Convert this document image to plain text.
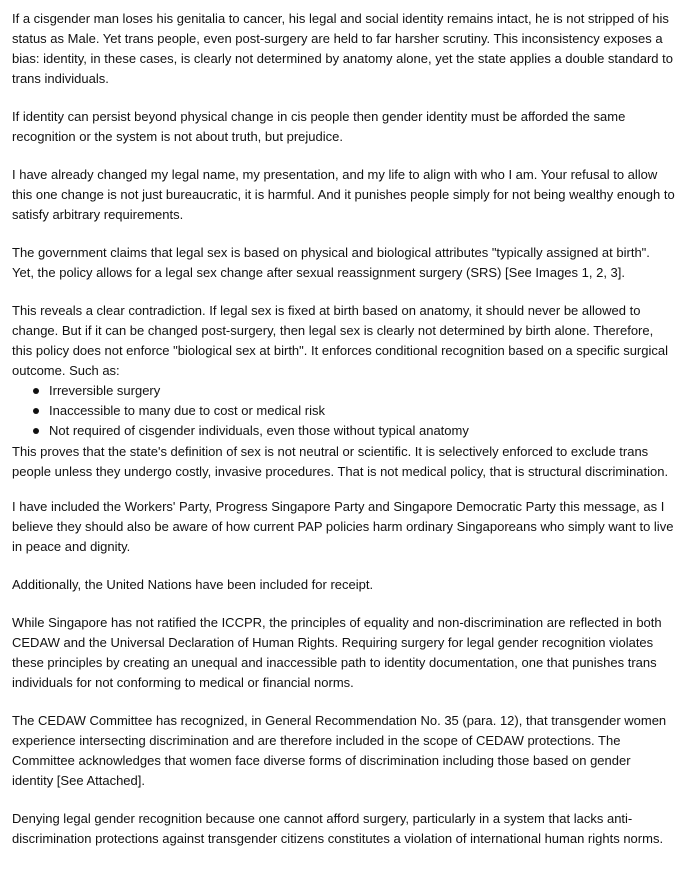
If a cisgender man loses his genitalia to cancer, his legal and social identity remains intact, he is not stripped of his status as Male. Yet trans people, even post-surgery are held to far harsher scrutiny. This inconsistency exposes a bias: identity, in these cases, is clearly not determined by anatomy alone, yet the state applies a double standard to trans individuals.

If identity can persist beyond physical change in cis people then gender identity must be afforded the same recognition or the system is not about truth, but prejudice.

I have already changed my legal name, my presentation, and my life to align with who I am. Your refusal to allow this one change is not just bureaucratic, it is harmful. And it punishes people simply for not being wealthy enough to satisfy arbitrary requirements.

The government claims that legal sex is based on physical and biological attributes "typically assigned at birth". Yet, the policy allows for a legal sex change after sexual reassignment surgery (SRS) [See Images 1, 2, 3].

This reveals a clear contradiction. If legal sex is fixed at birth based on anatomy, it should never be allowed to change. But if it can be changed post-surgery, then legal sex is clearly not determined by birth alone. Therefore, this policy does not enforce "biological sex at birth". It enforces conditional recognition based on a specific surgical outcome. Such as:

Irreversible surgery
Inaccessible to many due to cost or medical risk
Not required of cisgender individuals, even those without typical anatomy

This proves that the state's definition of sex is not neutral or scientific. It is selectively enforced to exclude trans people unless they undergo costly, invasive procedures. That is not medical policy, that is structural discrimination.

I have included the Workers' Party, Progress Singapore Party and Singapore Democratic Party this message, as I believe they should also be aware of how current PAP policies harm ordinary Singaporeans who simply want to live in peace and dignity.

Additionally, the United Nations have been included for receipt.

While Singapore has not ratified the ICCPR, the principles of equality and non-discrimination are reflected in both CEDAW and the Universal Declaration of Human Rights. Requiring surgery for legal gender recognition violates these principles by creating an unequal and inaccessible path to identity documentation, one that punishes trans individuals for not conforming to medical or financial norms.

The CEDAW Committee has recognized, in General Recommendation No. 35 (para. 12), that transgender women experience intersecting discrimination and are therefore included in the scope of CEDAW protections. The Committee acknowledges that women face diverse forms of discrimination including those based on gender identity [See Attached].

Denying legal gender recognition because one cannot afford surgery, particularly in a system that lacks anti-discrimination protections against transgender citizens constitutes a violation of international human rights norms.
